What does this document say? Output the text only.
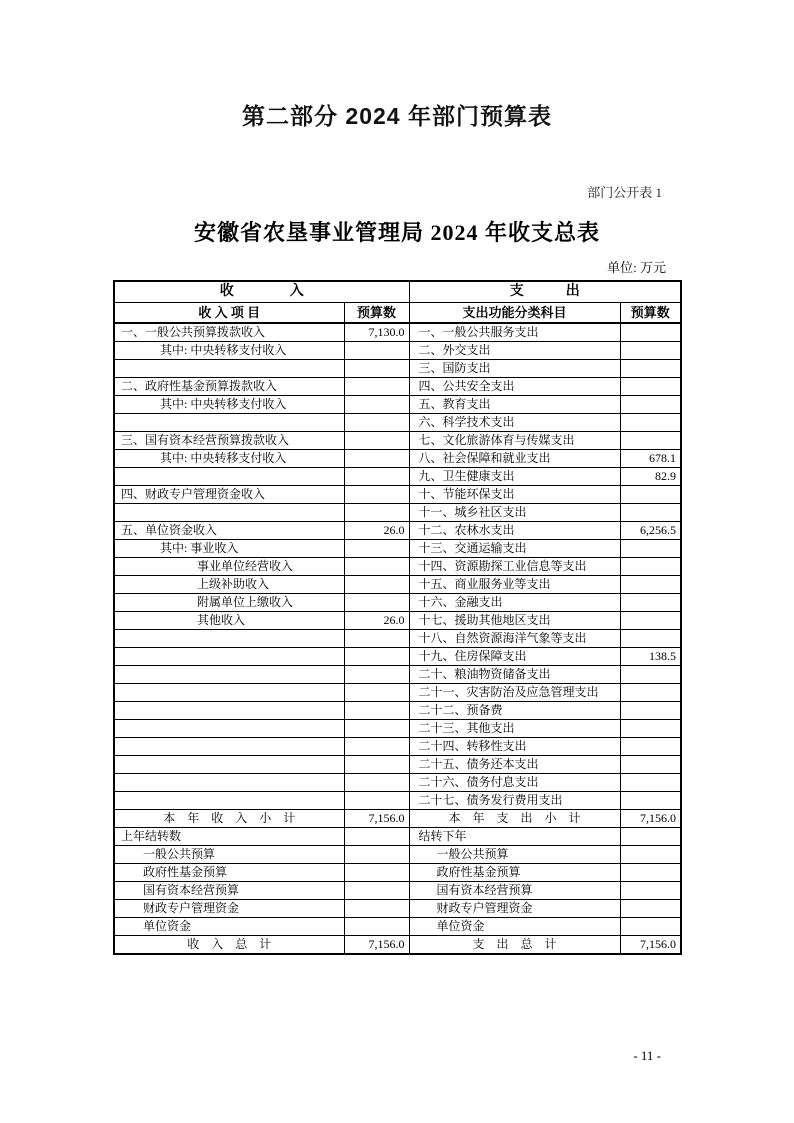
第二部分 2024 年部门预算表
部门公开表 1
安徽省农垦事业管理局 2024 年收支总表
单位: 万元
收　　　　入		支　　　出	
收 入 项 目	预算数	支出功能分类科目	预算数
一、一般公共预算拨款收入	7,130.0	一、一般公共服务支出	
其中: 中央转移支付收入		二、外交支出	
		三、国防支出	
二、政府性基金预算拨款收入		四、公共安全支出	
其中: 中央转移支付收入		五、教育支出	
		六、科学技术支出	
三、国有资本经营预算拨款收入		七、文化旅游体育与传媒支出	
其中: 中央转移支付收入		八、社会保障和就业支出	678.1
		九、卫生健康支出	82.9
四、财政专户管理资金收入		十、节能环保支出	
		十一、城乡社区支出	
五、单位资金收入	26.0	十二、农林水支出	6,256.5
其中: 事业收入		十三、交通运输支出	
事业单位经营收入		十四、资源勘探工业信息等支出	
上级补助收入		十五、商业服务业等支出	
附属单位上缴收入		十六、金融支出	
其他收入	26.0	十七、援助其他地区支出	
		十八、自然资源海洋气象等支出	
		十九、住房保障支出	138.5
		二十、粮油物资储备支出	
		二十一、灾害防治及应急管理支出	
		二十二、预备费	
		二十三、其他支出	
		二十四、转移性支出	
		二十五、债务还本支出	
		二十六、债务付息支出	
		二十七、债务发行费用支出	
本　年　收　入　小　计	7,156.0	本　年　支　出　小　计	7,156.0
上年结转数		结转下年	
一般公共预算		一般公共预算	
政府性基金预算		政府性基金预算	
国有资本经营预算		国有资本经营预算	
财政专户管理资金		财政专户管理资金	
单位资金		单位资金	
收　入　总　计	7,156.0	支　出　总　计	7,156.0
- 11 -
